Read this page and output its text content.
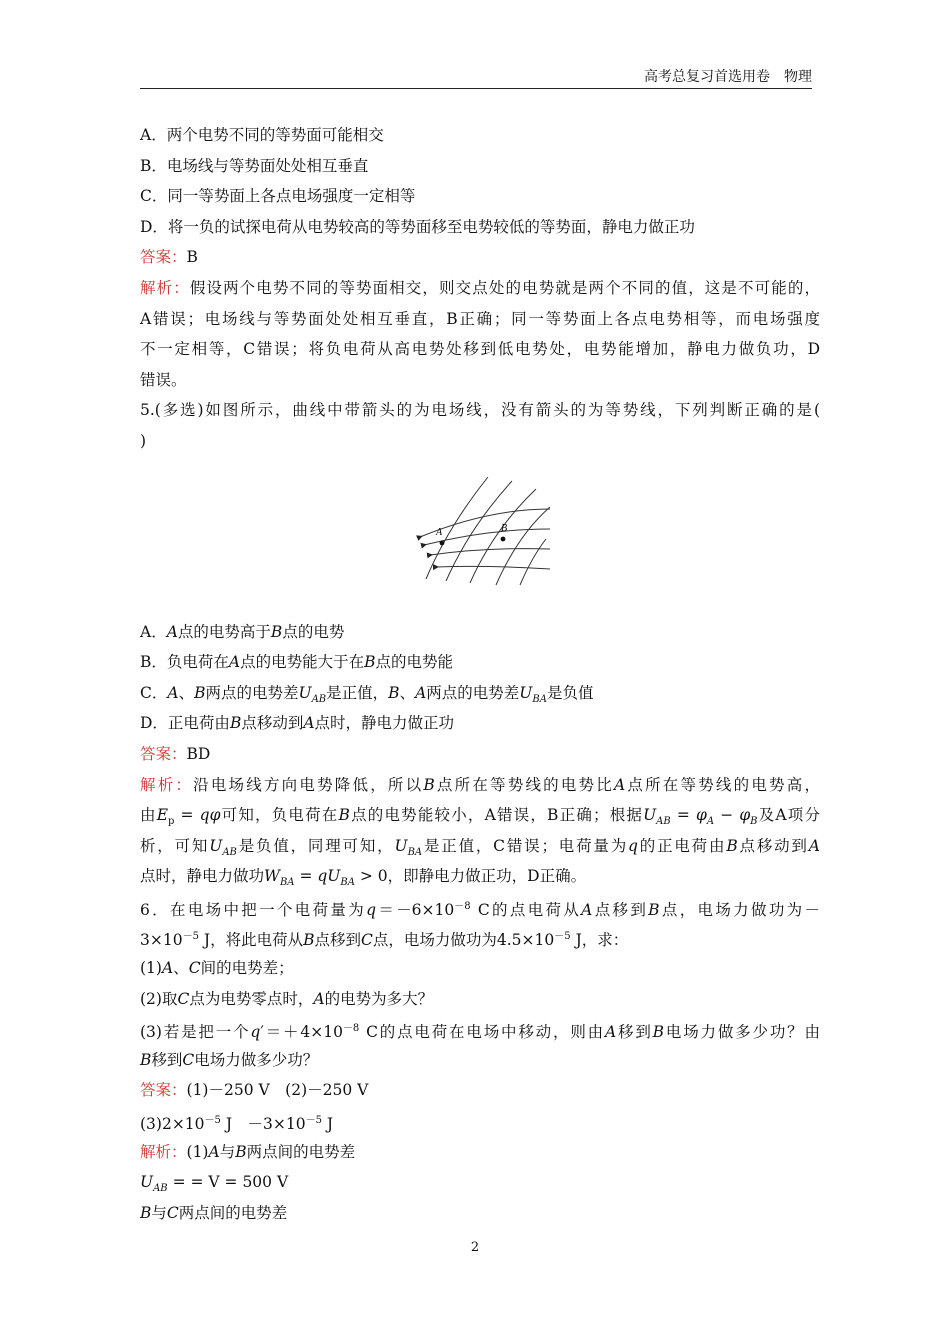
高考总复习首选用卷　物理
A．两个电势不同的等势面可能相交
B．电场线与等势面处处相互垂直
C．同一等势面上各点电场强度一定相等
D．将一负的试探电荷从电势较高的等势面移至电势较低的等势面，静电力做正功
答案：B
解析：假设两个电势不同的等势面相交，则交点处的电势就是两个不同的值，这是不可能的，
A错误；电场线与等势面处处相互垂直，B正确；同一等势面上各点电势相等，而电场强度
不一定相等，C错误；将负电荷从高电势处移到低电势处，电势能增加，静电力做负功，D
错误。
5.(多选)如图所示，曲线中带箭头的为电场线，没有箭头的为等势线，下列判断正确的是(
)
A	B
A．A点的电势高于B点的电势
B．负电荷在A点的电势能大于在B点的电势能
C．A、B两点的电势差$U_{AB}$是正值，B、A两点的电势差$U_{BA}$是负值
D．正电荷由B点移动到A点时，静电力做正功
答案：BD
解析：沿电场线方向电势降低，所以B点所在等势线的电势比A点所在等势线的电势高，
由$E_p = q\varphi$可知，负电荷在B点的电势能较小，A错误，B正确；根据$U_{AB} = \varphi_A - \varphi_B$及A项分
析，可知$U_{AB}$是负值，同理可知，$U_{BA}$是正值，C错误；电荷量为q的正电荷由B点移动到A
点时，静电力做功$W_{BA} = qU_{BA} > 0$，即静电力做正功，D正确。
6．在电场中把一个电荷量为$q=-6\times 10^{-8}$ C的点电荷从A点移到B点，电场力做功为－
$3\times 10^{-5}$ J，将此电荷从B点移到C点，电场力做功为$4.5\times 10^{-5}$ J，求：
(1)A、C间的电势差；
(2)取C点为电势零点时，A的电势为多大？
(3)若是把一个$q'=+4\times 10^{-8}$ C的点电荷在电场中移动，则由A移到B电场力做多少功？由
B移到C电场力做多少功？
答案：(1)－250 V　(2)－250 V
$(3)2\times 10^{-5}$ J　$-3\times 10^{-5}$ J
解析：(1)A与B两点间的电势差
$U_{AB}$ = = V = 500 V
B与C两点间的电势差
2
